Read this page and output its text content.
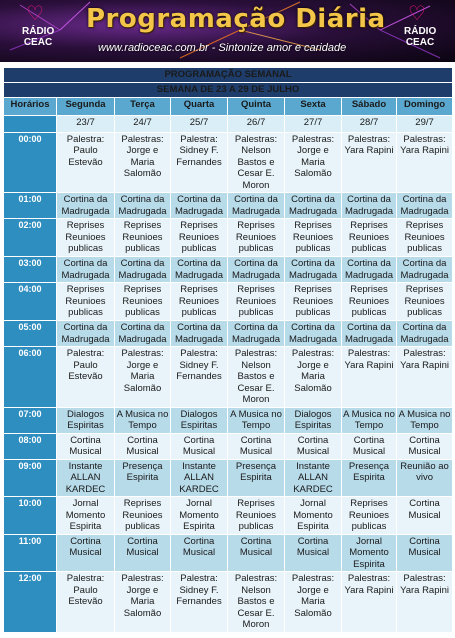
♡
RÁDIO CEAC
Programação Diária
www.radioceac.com.br - Sintonize amor e caridade
♡
RÁDIO CEAC
PROGRAMAÇÃO SEMANAL							
SEMANA DE 23 A 29 DE JULHO							
Horários	Segunda	Terça	Quarta	Quinta	Sexta	Sábado	Domingo
	23/7	24/7	25/7	26/7	27/7	28/7	29/7
00:00	Palestra: Paulo Estevão	Palestras: Jorge e Maria Salomão	Palestra: Sidney F. Fernandes	Palestras: Nelson Bastos e Cesar E. Moron	Palestras: Jorge e Maria Salomão	Palestras: Yara Rapini	Palestras: Yara Rapini
01:00	Cortina da Madrugada	Cortina da Madrugada	Cortina da Madrugada	Cortina da Madrugada	Cortina da Madrugada	Cortina da Madrugada	Cortina da Madrugada
02:00	Reprises Reunioes publicas	Reprises Reunioes publicas	Reprises Reunioes publicas	Reprises Reunioes publicas	Reprises Reunioes publicas	Reprises Reunioes publicas	Reprises Reunioes publicas
03:00	Cortina da Madrugada	Cortina da Madrugada	Cortina da Madrugada	Cortina da Madrugada	Cortina da Madrugada	Cortina da Madrugada	Cortina da Madrugada
04:00	Reprises Reunioes publicas	Reprises Reunioes publicas	Reprises Reunioes publicas	Reprises Reunioes publicas	Reprises Reunioes publicas	Reprises Reunioes publicas	Reprises Reunioes publicas
05:00	Cortina da Madrugada	Cortina da Madrugada	Cortina da Madrugada	Cortina da Madrugada	Cortina da Madrugada	Cortina da Madrugada	Cortina da Madrugada
06:00	Palestra: Paulo Estevão	Palestras: Jorge e Maria Salomão	Palestra: Sidney F. Fernandes	Palestras: Nelson Bastos e Cesar E. Moron	Palestras: Jorge e Maria Salomão	Palestras: Yara Rapini	Palestras: Yara Rapini
07:00	Dialogos Espiritas	A Musica no Tempo	Dialogos Espiritas	A Musica no Tempo	Dialogos Espiritas	A Musica no Tempo	A Musica no Tempo
08:00	Cortina Musical	Cortina Musical	Cortina Musical	Cortina Musical	Cortina Musical	Cortina Musical	Cortina Musical
09:00	Instante ALLAN KARDEC	Presença Espirita	Instante ALLAN KARDEC	Presença Espirita	Instante ALLAN KARDEC	Presença Espirita	Reunião ao vivo
10:00	Jornal Momento Espirita	Reprises Reunioes publicas	Jornal Momento Espirita	Reprises Reunioes publicas	Jornal Momento Espirita	Reprises Reunioes publicas	Cortina Musical
11:00	Cortina Musical	Cortina Musical	Cortina Musical	Cortina Musical	Cortina Musical	Jornal Momento Espirita	Cortina Musical
12:00	Palestra: Paulo Estevão	Palestras: Jorge e Maria Salomão	Palestra: Sidney F. Fernandes	Palestras: Nelson Bastos e Cesar E. Moron	Palestras: Jorge e Maria Salomão	Palestras: Yara Rapini	Palestras: Yara Rapini
